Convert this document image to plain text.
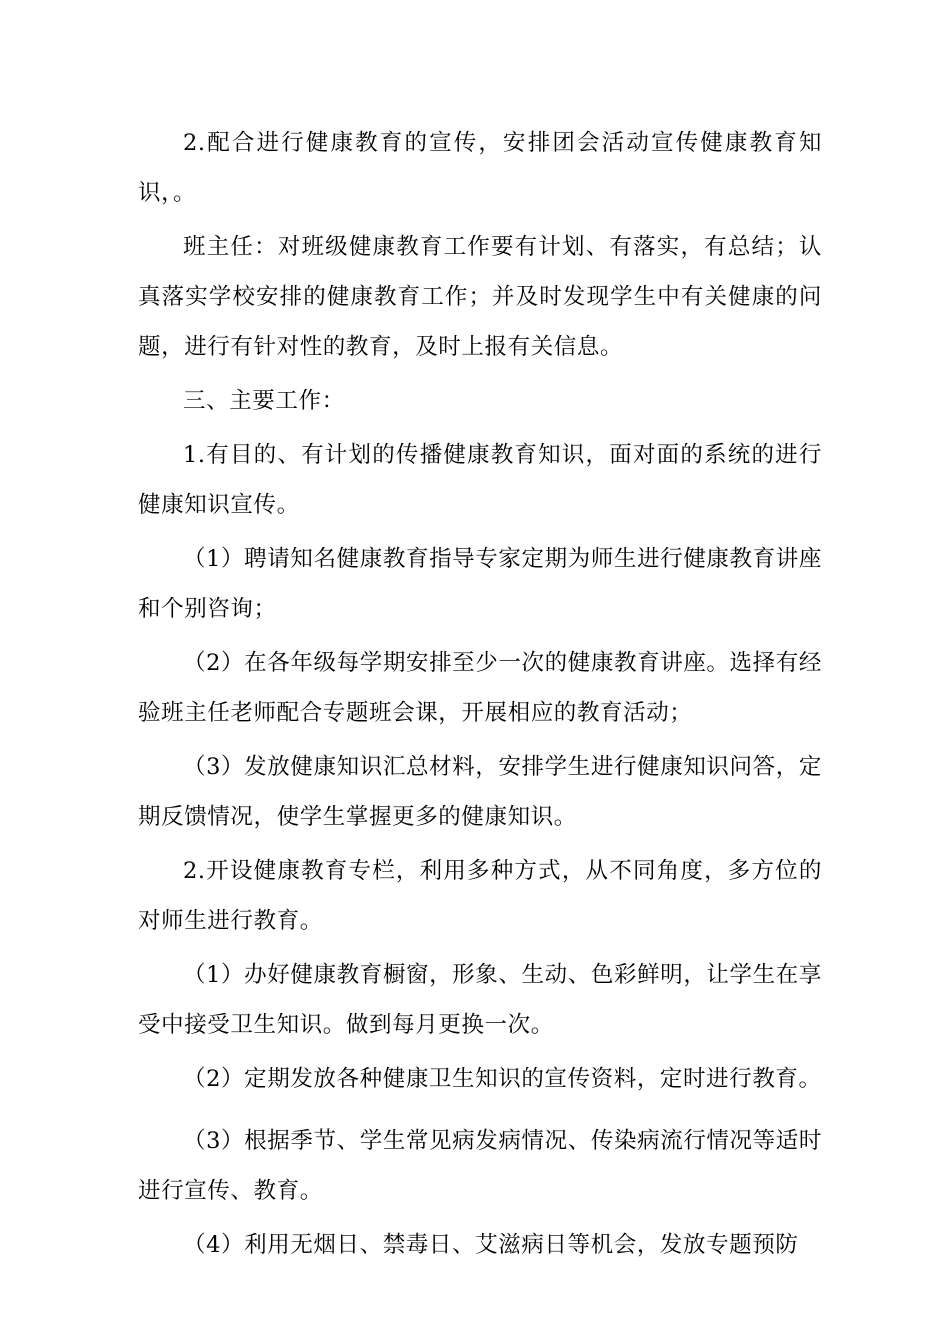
2.配合进行健康教育的宣传，安排团会活动宣传健康教育知识，。

班主任：对班级健康教育工作要有计划、有落实，有总结；认真落实学校安排的健康教育工作；并及时发现学生中有关健康的问题，进行有针对性的教育，及时上报有关信息。

三、主要工作：

1.有目的、有计划的传播健康教育知识，面对面的系统的进行健康知识宣传。

（1）聘请知名健康教育指导专家定期为师生进行健康教育讲座和个别咨询；

（2）在各年级每学期安排至少一次的健康教育讲座。选择有经验班主任老师配合专题班会课，开展相应的教育活动；

（3）发放健康知识汇总材料，安排学生进行健康知识问答，定期反馈情况，使学生掌握更多的健康知识。

2.开设健康教育专栏，利用多种方式，从不同角度，多方位的对师生进行教育。

（1）办好健康教育橱窗，形象、生动、色彩鲜明，让学生在享受中接受卫生知识。做到每月更换一次。

（2）定期发放各种健康卫生知识的宣传资料，定时进行教育。

（3）根据季节、学生常见病发病情况、传染病流行情况等适时进行宣传、教育。

（4）利用无烟日、禁毒日、艾滋病日等机会，发放专题预防
